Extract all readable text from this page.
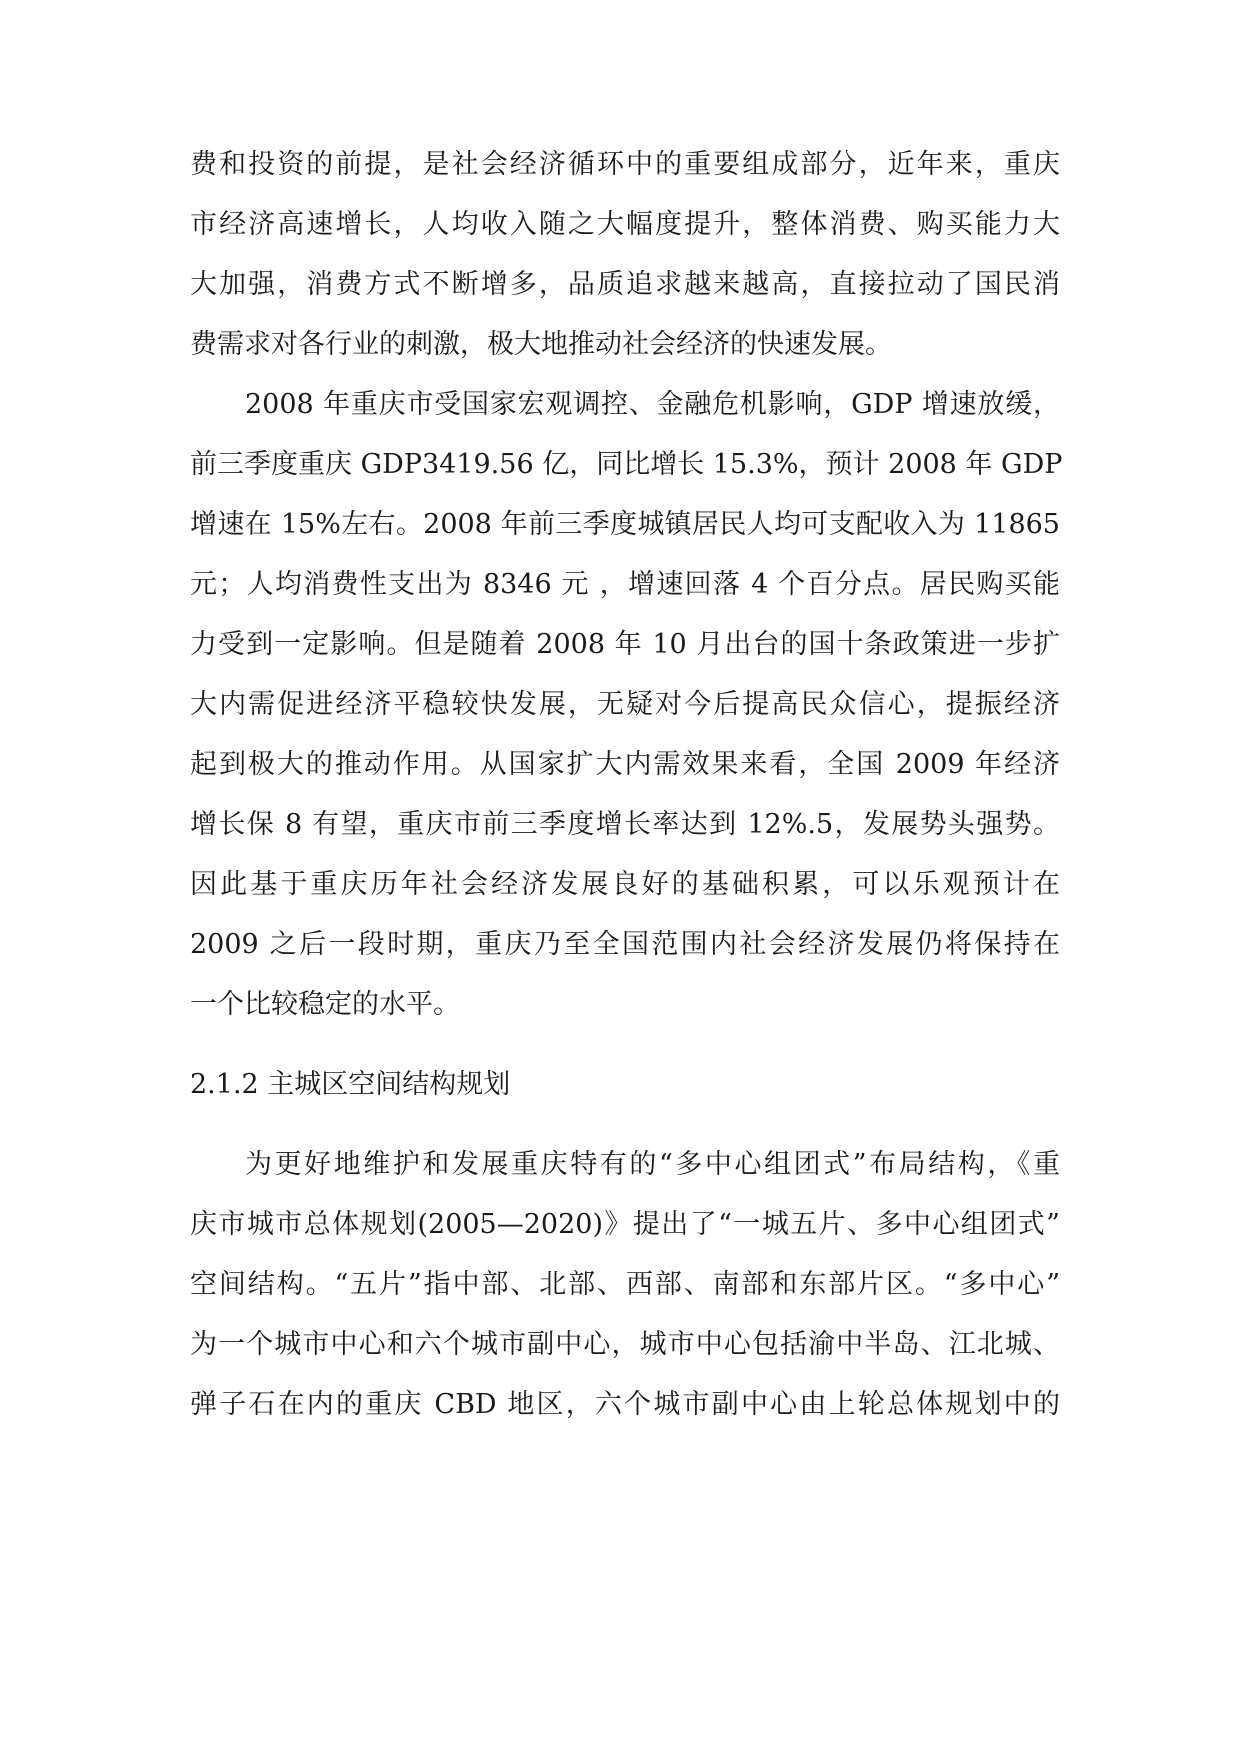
费和投资的前提，是社会经济循环中的重要组成部分，近年来，重庆
市经济高速增长，人均收入随之大幅度提升，整体消费、购买能力大
大加强，消费方式不断增多，品质追求越来越高，直接拉动了国民消
费需求对各行业的刺激，极大地推动社会经济的快速发展。
2008 年重庆市受国家宏观调控、金融危机影响，GDP 增速放缓，
前三季度重庆 GDP3419.56 亿，同比增长 15.3%，预计 2008 年 GDP
增速在 15%左右。2008 年前三季度城镇居民人均可支配收入为 11865
元；人均消费性支出为 8346 元 ，增速回落 4 个百分点。居民购买能
力受到一定影响。但是随着 2008 年 10 月出台的国十条政策进一步扩
大内需促进经济平稳较快发展，无疑对今后提高民众信心，提振经济
起到极大的推动作用。从国家扩大内需效果来看，全国 2009 年经济
增长保 8 有望，重庆市前三季度增长率达到 12%.5，发展势头强势。
因此基于重庆历年社会经济发展良好的基础积累，可以乐观预计在
2009 之后一段时期，重庆乃至全国范围内社会经济发展仍将保持在
一个比较稳定的水平。
2.1.2 主城区空间结构规划
为更好地维护和发展重庆特有的“多中心组团式”布局结构，《重
庆市城市总体规划(2005—2020)》提出了“一城五片、多中心组团式”
空间结构。“五片”指中部、北部、西部、南部和东部片区。“多中心”
为一个城市中心和六个城市副中心，城市中心包括渝中半岛、江北城、
弹子石在内的重庆 CBD 地区，六个城市副中心由上轮总体规划中的
